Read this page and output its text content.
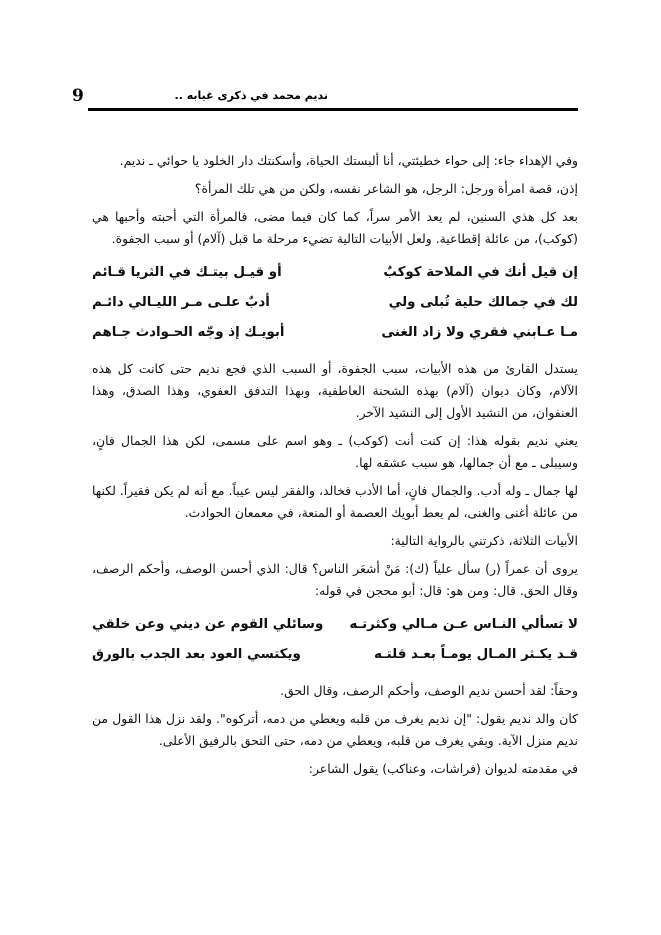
9	نديم محمد في ذكرى غيابه ..

وفي الإهداء جاء: إلى حواء خطيئتي، أنا ألبستك الحياة، وأسكنتك دار الخلود يا حوائي ـ نديم.

إذن، قصة امرأة ورجل: الرجل، هو الشاعر نفسه، ولكن من هي تلك المرأة؟

بعد كل هذي السنين، لم يعد الأمر سراً، كما كان فيما مضى، فالمرأة التي أحبته وأحبها هي (كوكب)، من عائلة إقطاعية. ولعل الأبيات التالية تضيء مرحلة ما قبل (آلام) أو سبب الجفوة.

إن قيل أنك في الملاحة كوكبٌ
أو قيـل بيتـك في الثريا قـائم
لك في جمالك حلية تُبلى ولي
أدبٌ علـى مـر الليـالي دائـم
مـا عـابني فقري ولا زاد الغنى
أبويـك إذ وجّه الحـوادث جـاهم

يستدل القارئ من هذه الأبيات، سبب الجفوة، أو السبب الذي فجع نديم حتى كانت كل هذه الآلام، وكان ديوان (آلام) بهذه الشحنة العاطفية، وبهذا التدفق العفوي، وهذا الصدق، وهذا العنفوان، من النشيد الأول إلى النشيد الآخر.

يعني نديم بقوله هذا: إن كنت أنت (كوكب) ـ وهو اسم على مسمى، لكن هذا الجمال فانٍ، وسيبلى ـ مع أن جمالها، هو سبب عشقه لها.

لها جمال ـ وله أدب. والجمال فانٍ، أما الأدب فخالد، والفقر ليس عيباً. مع أنه لم يكن فقيراً. لكنها من عائلة أغنى والغنى، لم يعط أبويك العصمة أو المنعة، في معمعان الحوادث.

الأبيات الثلاثة، ذكرتني بالرواية التالية:

يروى أن عمراً (ر) سأل علياً (ك): مَنْ أشعَر الناس؟ قال: الذي أحسن الوصف، وأحكم الرصف، وقال الحق. قال: ومن هو: قال: أبو محجن في قوله:

لا تسألي النـاس عـن مـالي وكثرتـه
وسائلي القوم عن ديني وعن خلقي
قـد يكـثر المـال يومـاً بعـد قلتـه
ويكتسي العود بعد الجدب بالورق

وحقاً: لقد أحسن نديم الوصف، وأحكم الرصف، وقال الحق.

كان والد نديم يقول: "إن نديم يغرف من قلبه ويعطي من دمه، أتركوه". ولقد نزل هذا القول من نديم منزل الآية. وبقي يغرف من قلبه، ويعطي من دمه، حتى التحق بالرفيق الأعلى.

في مقدمته لديوان (فراشات، وعناكب) يقول الشاعر:
